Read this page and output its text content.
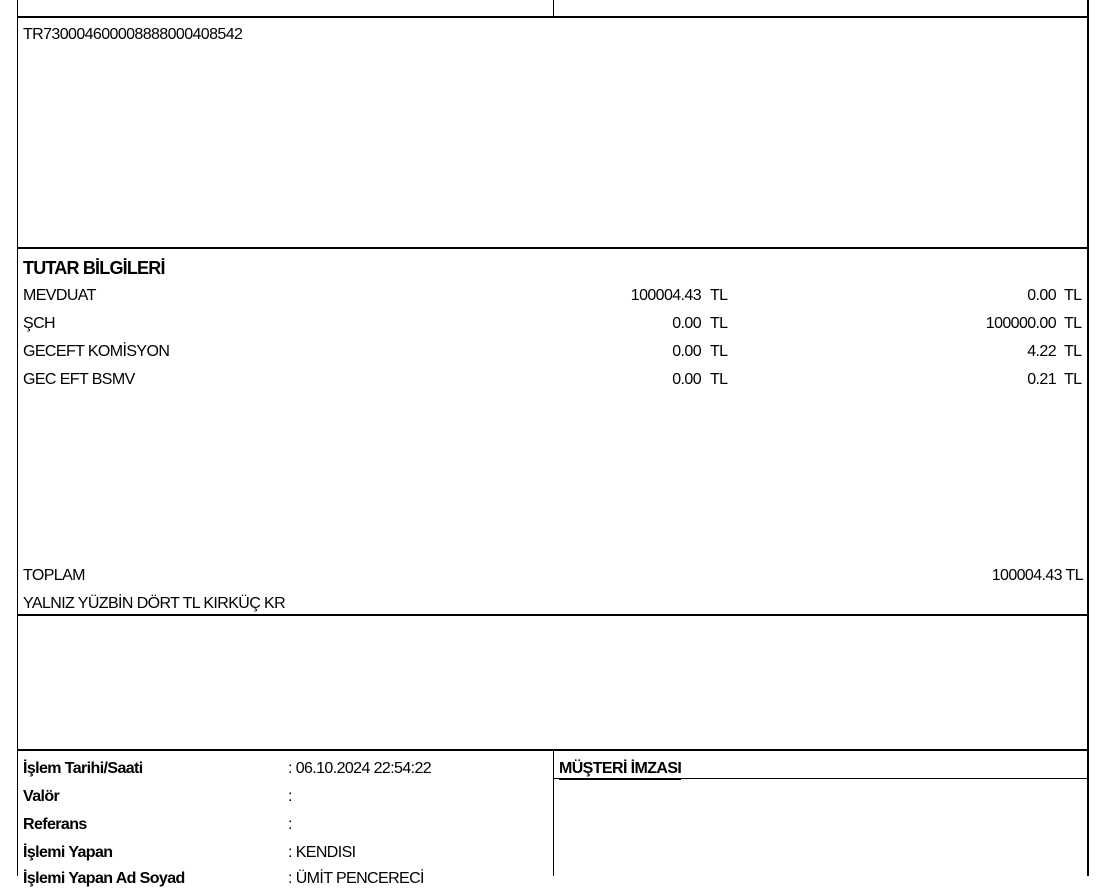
TR730004600008888000408542
TUTAR BİLGİLERİ
MEVDUAT	100004.43 TL	0.00 TL
ŞCH	0.00 TL	100000.00 TL
GECEFT KOMİSYON	0.00 TL	4.22 TL
GEC EFT BSMV	0.00 TL	0.21 TL
TOPLAM	100004.43 TL
YALNIZ YÜZBİN DÖRT TL KIRKÜÇ KR
İşlem Tarihi/Saati	: 06.10.2024 22:54:22
Valör	:
Referans	:
İşlemi Yapan	: KENDISI
İşlemi Yapan Ad Soyad	: ÜMİT PENCERECİ
MÜŞTERİ İMZASI
